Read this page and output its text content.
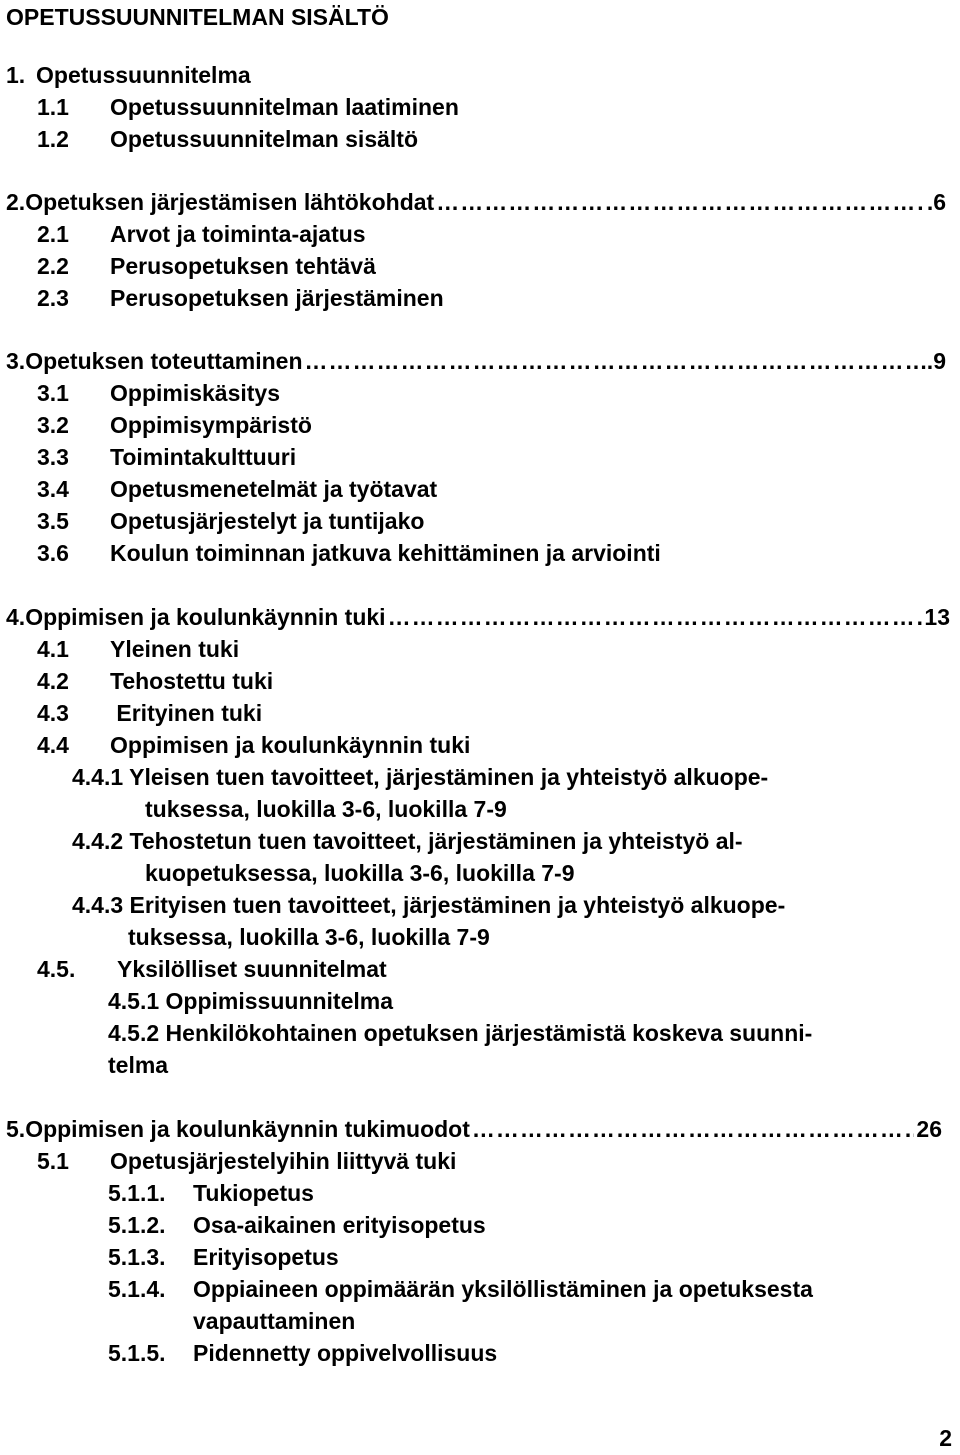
OPETUSSUUNNITELMAN SISÄLTÖ
1. Opetussuunnitelma
1.1 Opetussuunnitelman laatiminen
1.2 Opetussuunnitelman sisältö
2. Opetuksen järjestämisen lähtökohdat ……………………………………………………………………………………………………………………………………	.6
2.1 Arvot ja toiminta-ajatus
2.2 Perusopetuksen tehtävä
2.3 Perusopetuksen järjestäminen
3. Opetuksen toteuttaminen ……………………………………………………………………………………………………………………………………	..9
3.1 Oppimiskäsitys
3.2 Oppimisympäristö
3.3 Toimintakulttuuri
3.4 Opetusmenetelmät ja työtavat
3.5 Opetusjärjestelyt ja tuntijako
3.6 Koulun toiminnan jatkuva kehittäminen ja arviointi
4. Oppimisen ja koulunkäynnin tuki ……………………………………………………………………………………………………………………………………	13
4.1 Yleinen tuki
4.2 Tehostettu tuki
4.3 Erityinen tuki
4.4 Oppimisen ja koulunkäynnin tuki
4.4.1 Yleisen tuen tavoitteet, järjestäminen ja yhteistyö alkuope-
tuksessa, luokilla 3-6, luokilla 7-9
4.4.2 Tehostetun tuen tavoitteet, järjestäminen ja yhteistyö al-
kuopetuksessa, luokilla 3-6, luokilla 7-9
4.4.3 Erityisen tuen tavoitteet, järjestäminen ja yhteistyö alkuope-
tuksessa, luokilla 3-6, luokilla 7-9
4.5. Yksilölliset suunnitelmat
4.5.1 Oppimissuunnitelma
4.5.2 Henkilökohtainen opetuksen järjestämistä koskeva suunni-
telma
5. Oppimisen ja koulunkäynnin tukimuodot ……………………………………………………………………………………………………………………………………	26
5.1 Opetusjärjestelyihin liittyvä tuki
5.1.1. Tukiopetus
5.1.2. Osa-aikainen erityisopetus
5.1.3. Erityisopetus
5.1.4. Oppiaineen oppimäärän yksilöllistäminen ja opetuksesta
vapauttaminen
5.1.5. Pidennetty oppivelvollisuus
2
